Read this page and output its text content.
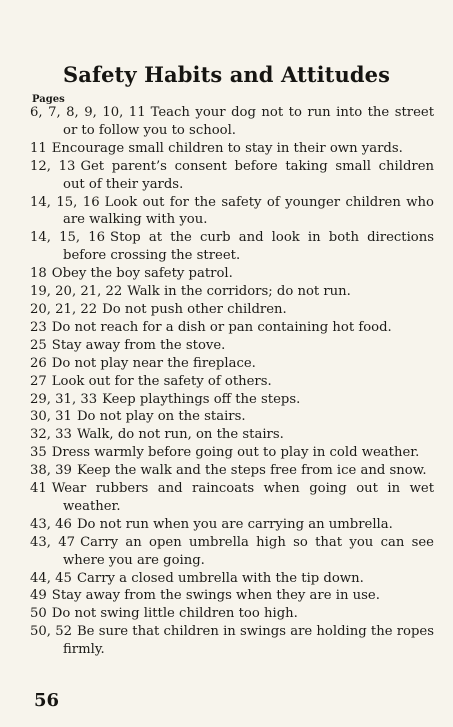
Safety Habits and Attitudes
Pages
6, 7, 8, 9, 10, 11 Teach your dog not to run into the street or to follow you to school.
11 Encourage small children to stay in their own yards.
12, 13 Get parent’s consent before taking small children out of their yards.
14, 15, 16 Look out for the safety of younger children who are walking with you.
14, 15, 16 Stop at the curb and look in both directions before crossing the street.
18 Obey the boy safety patrol.
19, 20, 21, 22 Walk in the corridors; do not run.
20, 21, 22 Do not push other children.
23 Do not reach for a dish or pan containing hot food.
25 Stay away from the stove.
26 Do not play near the fireplace.
27 Look out for the safety of others.
29, 31, 33 Keep playthings off the steps.
30, 31 Do not play on the stairs.
32, 33 Walk, do not run, on the stairs.
35 Dress warmly before going out to play in cold weather.
38, 39 Keep the walk and the steps free from ice and snow.
41 Wear rubbers and raincoats when going out in wet weather.
43, 46 Do not run when you are carrying an umbrella.
43, 47 Carry an open umbrella high so that you can see where you are going.
44, 45 Carry a closed umbrella with the tip down.
49 Stay away from the swings when they are in use.
50 Do not swing little children too high.
50, 52 Be sure that children in swings are holding the ropes firmly.
56
